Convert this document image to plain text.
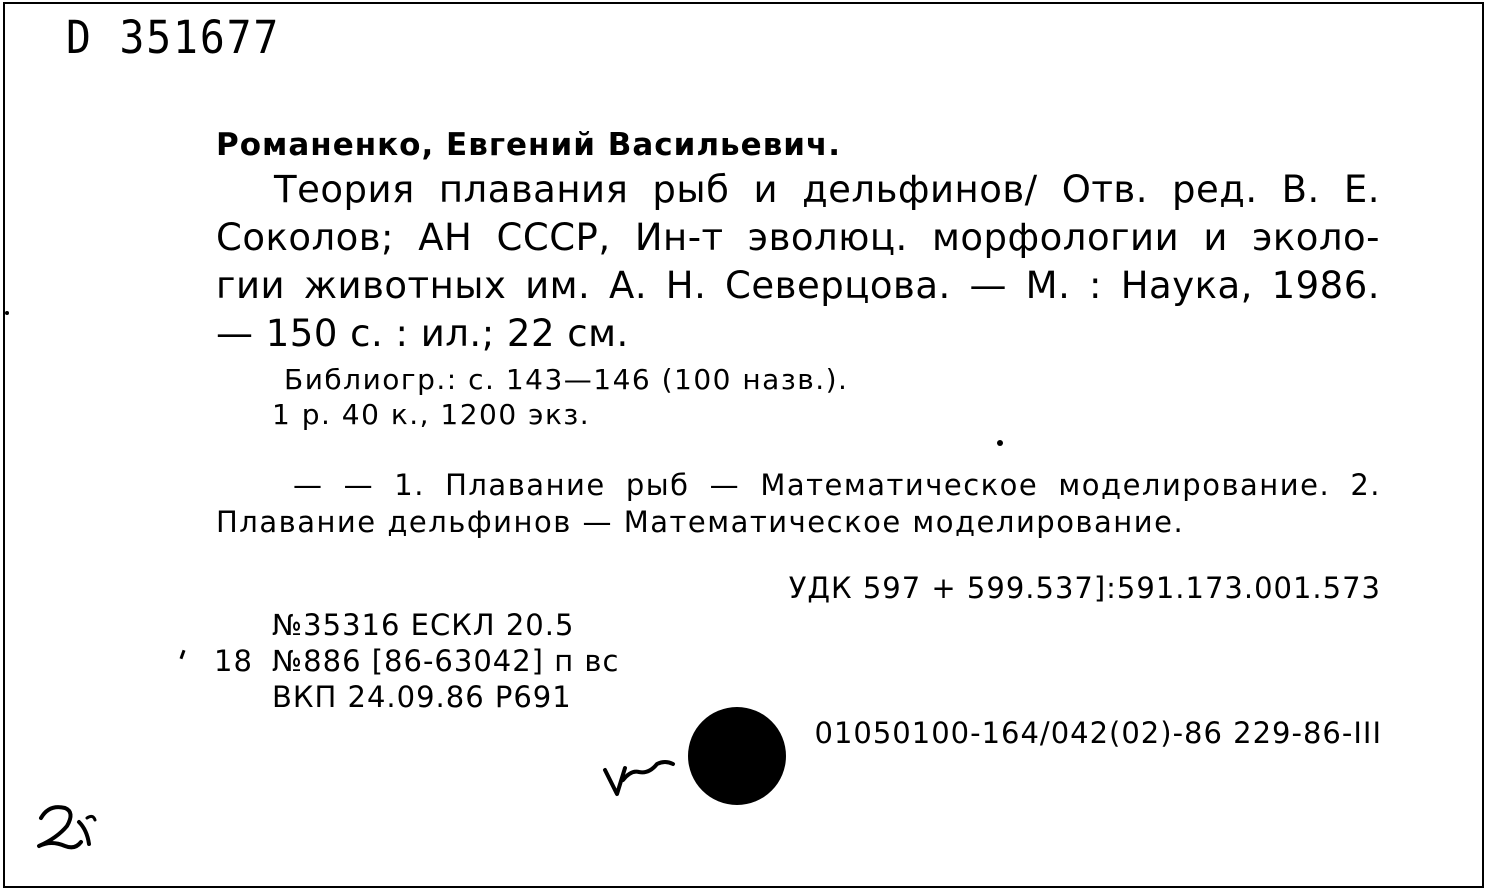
D 351677
Романенко, Евгений Васильевич.
Теория плавания рыб и дельфинов/ Отв. ред. В. Е.
Соколов; АН СССР, Ин-т эволюц. морфологии и эколо-
гии животных им. А. Н. Северцова. — М. : Наука, 1986.
— 150 с. : ил.; 22 см.
Библиогр.: с. 143—146 (100 назв.).
1 р. 40 к., 1200 экз.
— — 1. Плавание рыб — Математическое моделирование. 2.
Плавание дельфинов — Математическое моделирование.
УДК 597 + 599.537]:591.173.001.573
№35316 ЕСКЛ 20.5
18 №886 [86-63042] п вс
ВКП 24.09.86 Р691
01050100-164/042(02)-86 229-86-III
